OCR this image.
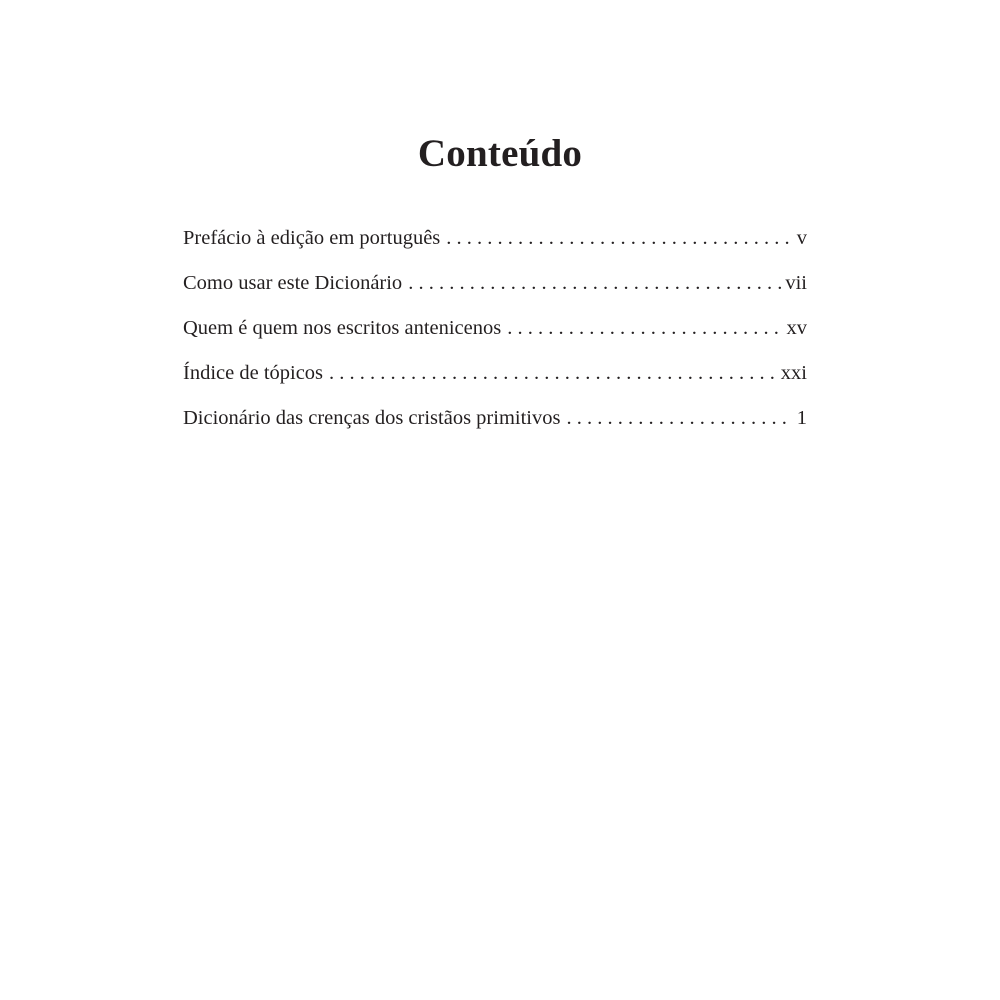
Conteúdo
Prefácio à edição em português . . .	v
Como usar este Dicionário . . .	vii
Quem é quem nos escritos antenicenos . . .	xv
Índice de tópicos . . .	xxi
Dicionário das crenças dos cristãos primitivos . . .	1
